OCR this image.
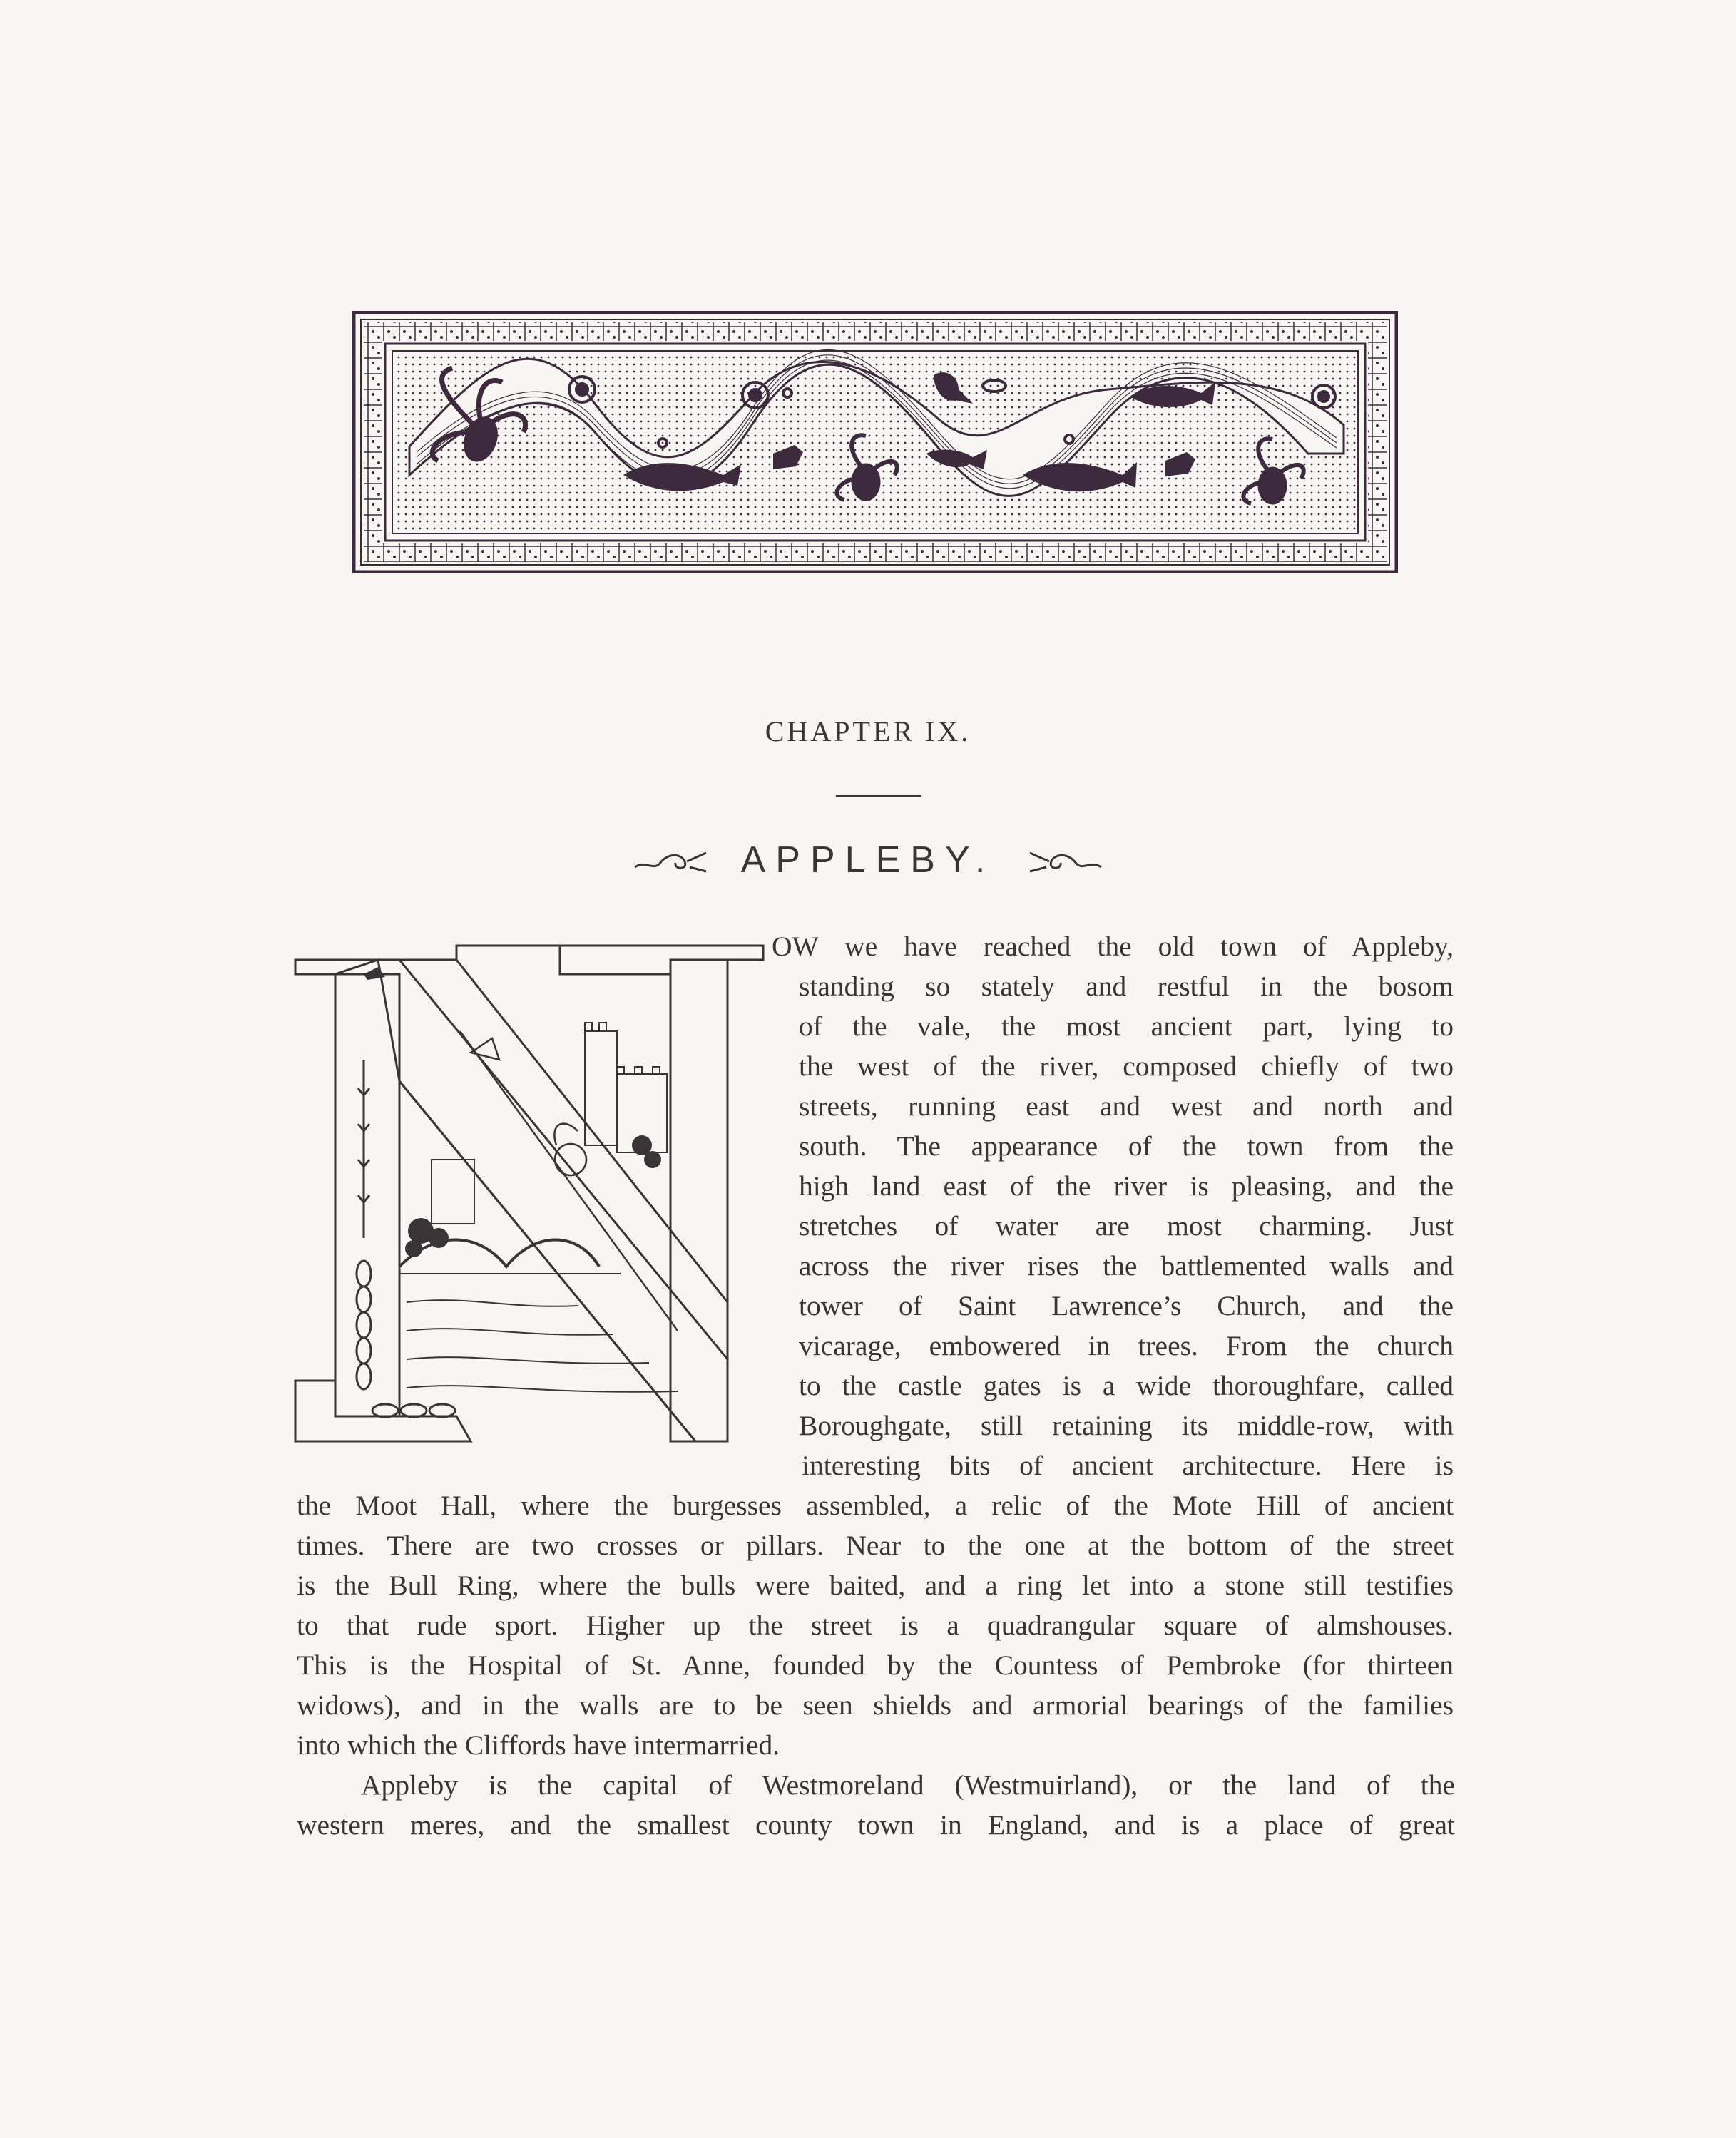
CHAPTER IX.
APPLEBY.
OW we have reached the old town of Appleby,
standing so stately and restful in the bosom
of the vale, the most ancient part, lying to
the west of the river, composed chiefly of two
streets, running east and west and north and
south. The appearance of the town from the
high land east of the river is pleasing, and the
stretches of water are most charming. Just
across the river rises the battlemented walls and
tower of Saint Lawrence’s Church, and the
vicarage, embowered in trees. From the church
to the castle gates is a wide thoroughfare, called
Boroughgate, still retaining its middle-row, with
interesting bits of ancient architecture. Here is
the Moot Hall, where the burgesses assembled, a relic of the Mote Hill of ancient
times. There are two crosses or pillars. Near to the one at the bottom of the street
is the Bull Ring, where the bulls were baited, and a ring let into a stone still testifies
to that rude sport. Higher up the street is a quadrangular square of almshouses.
This is the Hospital of St. Anne, founded by the Countess of Pembroke (for thirteen
widows), and in the walls are to be seen shields and armorial bearings of the families
into which the Cliffords have intermarried.
Appleby is the capital of Westmoreland (Westmuirland), or the land of the
western meres, and the smallest county town in England, and is a place of great
